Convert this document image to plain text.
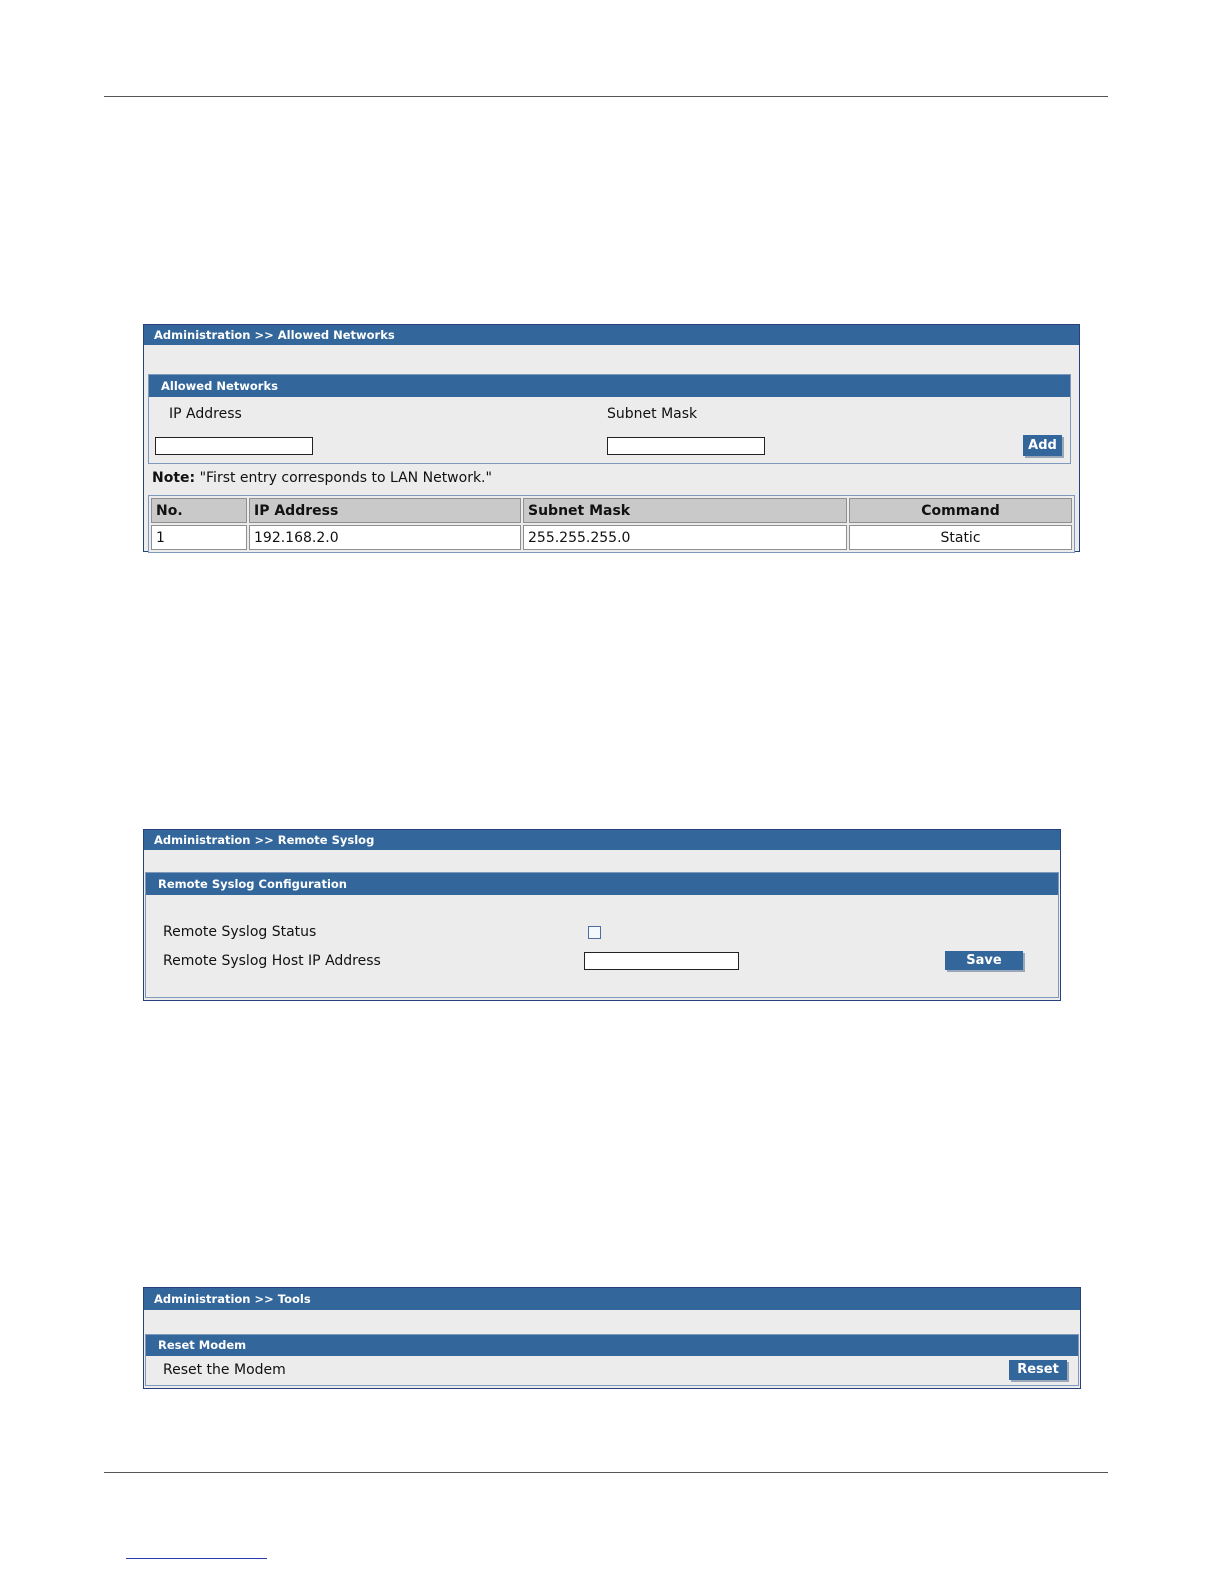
Administration >> Allowed Networks
Allowed Networks
IP Address	Subnet Mask
Add
Note: "First entry corresponds to LAN Network."
No.	IP Address	Subnet Mask	Command
1	192.168.2.0	255.255.255.0	Static
Administration >> Remote Syslog
Remote Syslog Configuration
Remote Syslog Status
Remote Syslog Host IP Address	Save
Administration >> Tools
Reset Modem
Reset the Modem	Reset
